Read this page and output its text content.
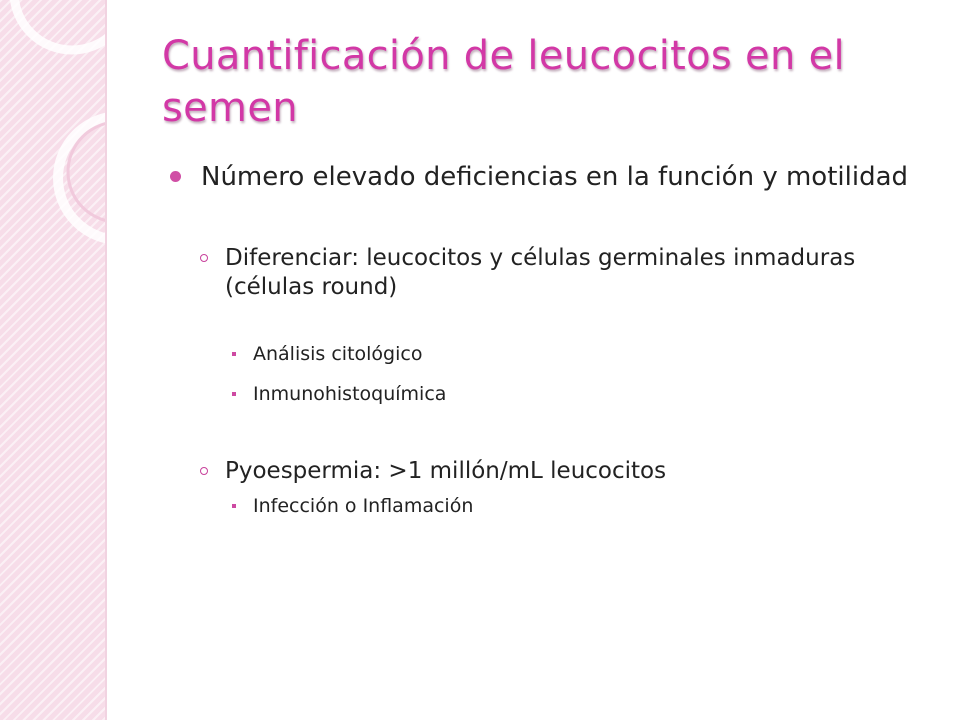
Cuantificación de leucocitos en el semen
Número elevado deficiencias en la función y motilidad
Diferenciar: leucocitos y células germinales inmaduras (células round)
Análisis citológico
Inmunohistoquímica
Pyoespermia: >1 millón/mL leucocitos
Infección o Inflamación
